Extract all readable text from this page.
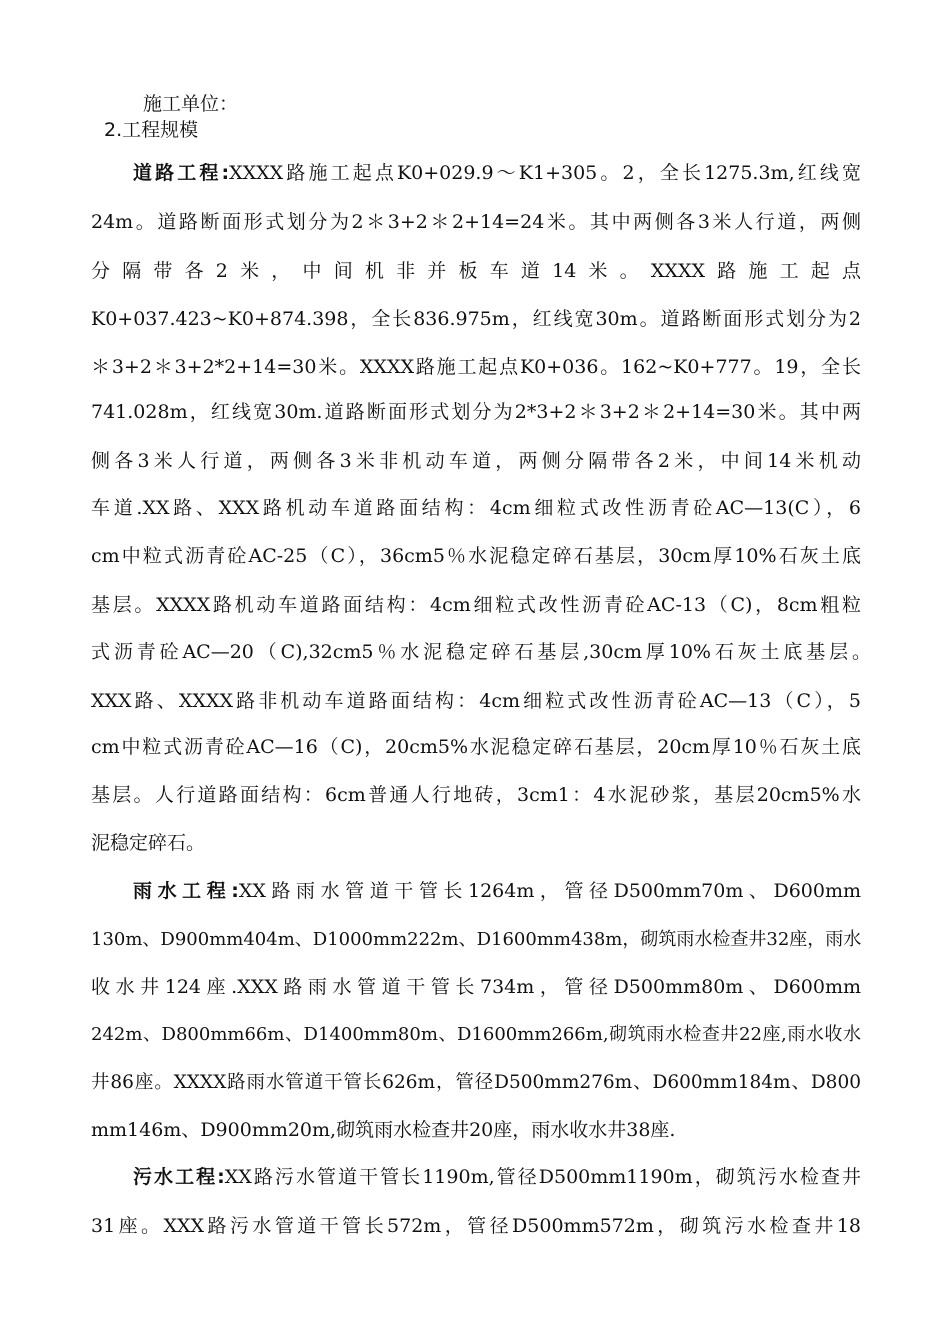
施工单位：
2.工程规模
道路工程:XXXX路施工起点K0+029.9～K1+305。2，全长1275.3m,红线宽
24m。道路断面形式划分为2＊3+2＊2+14=24米。其中两侧各3米人行道，两侧
分隔带各2米，中间机非并板车道14米。XXXX路施工起点
K0+037.423~K0+874.398，全长836.975m，红线宽30m。道路断面形式划分为2
＊3+2＊3+2*2+14=30米。XXXX路施工起点K0+036。162~K0+777。19，全长
741.028m，红线宽30m.道路断面形式划分为2*3+2＊3+2＊2+14=30米。其中两
侧各3米人行道，两侧各3米非机动车道，两侧分隔带各2米，中间14米机动
车道.XX路、XXX路机动车道路面结构：4cm细粒式改性沥青砼AC—13(C），6
cm中粒式沥青砼AC-25（C），36cm5％水泥稳定碎石基层，30cm厚10%石灰土底
基层。XXXX路机动车道路面结构：4cm细粒式改性沥青砼AC-13（C)，8cm粗粒
式沥青砼AC—20（C),32cm5％水泥稳定碎石基层,30cm厚10%石灰土底基层。
XXX路、XXXX路非机动车道路面结构：4cm细粒式改性沥青砼AC—13（C），5
cm中粒式沥青砼AC—16（C)，20cm5%水泥稳定碎石基层，20cm厚10％石灰土底
基层。人行道路面结构：6cm普通人行地砖，3cm1：4水泥砂浆，基层20cm5%水
泥稳定碎石。
雨水工程:XX路雨水管道干管长1264m，管径D500mm70m、D600mm
130m、D900mm404m、D1000mm222m、D1600mm438m，砌筑雨水检查井32座，雨水
收水井124座.XXX路雨水管道干管长734m，管径D500mm80m、D600mm
242m、D800mm66m、D1400mm80m、D1600mm266m,砌筑雨水检查井22座,雨水收水
井86座。XXXX路雨水管道干管长626m，管径D500mm276m、D600mm184m、D800
mm146m、D900mm20m,砌筑雨水检查井20座，雨水收水井38座.
污水工程:XX路污水管道干管长1190m,管径D500mm1190m，砌筑污水检查井
31座。XXX路污水管道干管长572m，管径D500mm572m，砌筑污水检查井18
